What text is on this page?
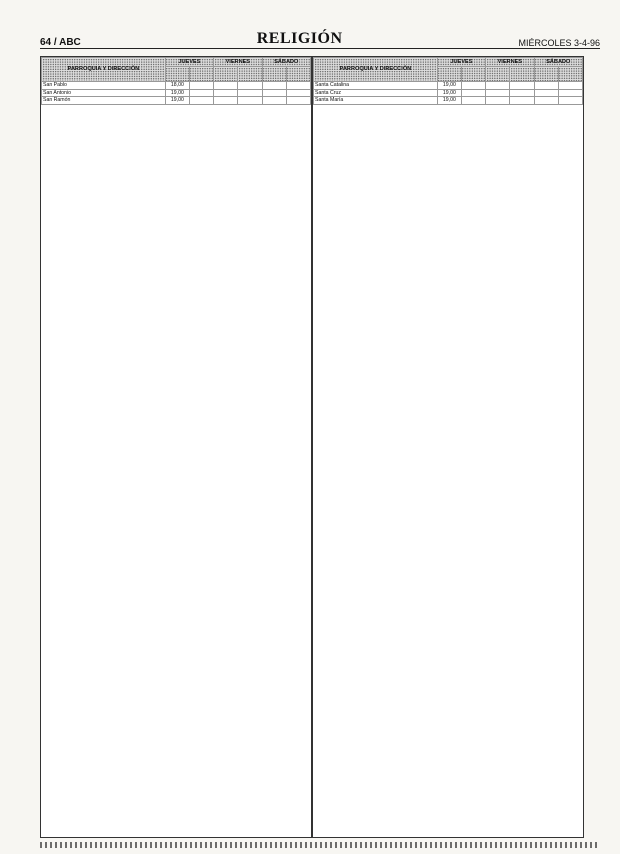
64 / ABC	RELIGIÓN	MIÉRCOLES 3-4-96
PARROQUIA Y DIRECCIÓN	JUEVES		VIERNES		SÁBADO	

San Pablo	18,00					
San Antonio	19,00					
San Ramón	19,00					
PARROQUIA Y DIRECCIÓN	JUEVES		VIERNES		SÁBADO	

Santa Catalina	19,00					
Santa Cruz	19,00					
Santa María	19,00					
